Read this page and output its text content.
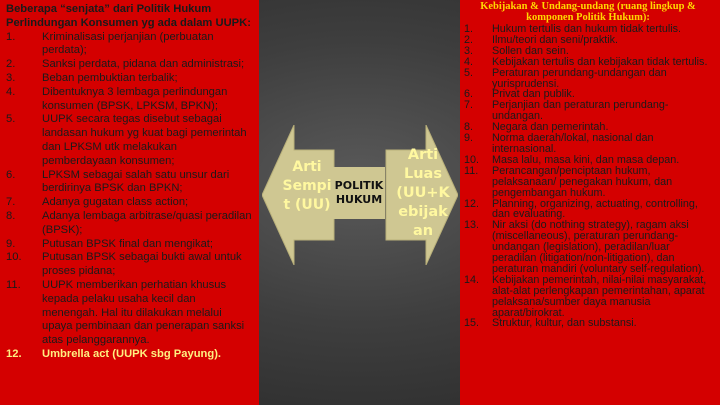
Beberapa “senjata” dari Politik Hukum Perlindungan Konsumen yg ada dalam UUPK:

1.	Kriminalisasi perjanjian (perbuatan perdata);
2.	Sanksi perdata, pidana dan administrasi;
3.	Beban pembuktian terbalik;
4.	Dibentuknya 3 lembaga perlindungan konsumen (BPSK, LPKSM, BPKN);
5.	UUPK secara tegas disebut sebagai landasan hukum yg kuat bagi pemerintah dan LPKSM utk melakukan pemberdayaan konsumen;
6.	LPKSM sebagai salah satu unsur dari berdirinya BPSK dan BPKN;
7.	Adanya gugatan class action;
8.	Adanya lembaga arbitrase/quasi peradilan (BPSK);
9.	Putusan BPSK final dan mengikat;
10.	Putusan BPSK sebagai bukti awal untuk proses pidana;
11.	UUPK memberikan perhatian khusus kepada pelaku usaha kecil dan menengah. Hal itu dilakukan melalui upaya pembinaan dan penerapan sanksi atas pelanggarannya.
12.	Umbrella act (UUPK sbg Payung).
Arti Sempi t (UU)
Arti Luas (UU+K ebijak an
POLITIK
HUKUM

Kebijakan & Undang-undang (ruang lingkup & komponen Politik Hukum):

1.	Hukum tertulis dan hukum tidak tertulis.
2.	Ilmu/teori dan seni/praktik.
3.	Sollen dan sein.
4.	Kebijakan tertulis dan kebijakan tidak tertulis.
5.	Peraturan perundang-undangan dan yurisprudensi.
6.	Privat dan publik.
7.	Perjanjian dan peraturan perundang-undangan.
8.	Negara dan pemerintah.
9.	Norma daerah/lokal, nasional dan internasional.
10.	Masa lalu, masa kini, dan masa depan.
11.	Perancangan/penciptaan hukum, pelaksanaan/ penegakan hukum, dan pengembangan hukum.
12.	Planning, organizing, actuating, controlling, dan evaluating.
13.	Nir aksi (do nothing strategy), ragam aksi (miscellaneous), peraturan perundang-undangan (legislation), peradilan/luar peradilan (litigation/non-litigation), dan peraturan mandiri (voluntary self-regulation).
14.	Kebijakan pemerintah, nilai-nilai masyarakat, alat-alat perlengkapan pemerintahan, aparat pelaksana/sumber daya manusia aparat/birokrat.
15.	Struktur, kultur, dan substansi.
